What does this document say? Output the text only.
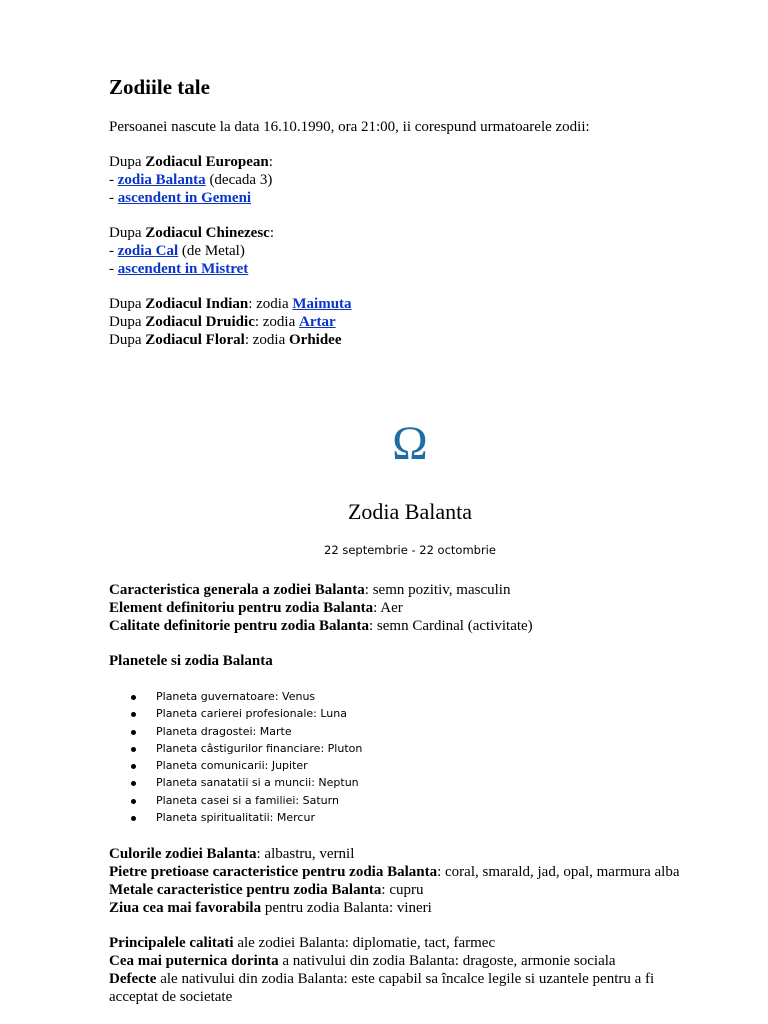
Zodiile tale
Persoanei nascute la data 16.10.1990, ora 21:00, ii corespund urmatoarele zodii:
Dupa Zodiacul European:
- zodia Balanta (decada 3)
- ascendent in Gemeni
Dupa Zodiacul Chinezesc:
- zodia Cal (de Metal)
- ascendent in Mistret
Dupa Zodiacul Indian: zodia Maimuta
Dupa Zodiacul Druidic: zodia Artar
Dupa Zodiacul Floral: zodia Orhidee
Ω
Zodia Balanta
22 septembrie - 22 octombrie
Caracteristica generala a zodiei Balanta: semn pozitiv, masculin
Element definitoriu pentru zodia Balanta: Aer
Calitate definitorie pentru zodia Balanta: semn Cardinal (activitate)
Planetele si zodia Balanta
Planeta guvernatoare: Venus
Planeta carierei profesionale: Luna
Planeta dragostei: Marte
Planeta câstigurilor financiare: Pluton
Planeta comunicarii: Jupiter
Planeta sanatatii si a muncii: Neptun
Planeta casei si a familiei: Saturn
Planeta spiritualitatii: Mercur
Culorile zodiei Balanta: albastru, vernil
Pietre pretioase caracteristice pentru zodia Balanta: coral, smarald, jad, opal, marmura alba
Metale caracteristice pentru zodia Balanta: cupru
Ziua cea mai favorabila pentru zodia Balanta: vineri
Principalele calitati ale zodiei Balanta: diplomatie, tact, farmec
Cea mai puternica dorinta a nativului din zodia Balanta: dragoste, armonie sociala
Defecte ale nativului din zodia Balanta: este capabil sa încalce legile si uzantele pentru a fi
acceptat de societate
